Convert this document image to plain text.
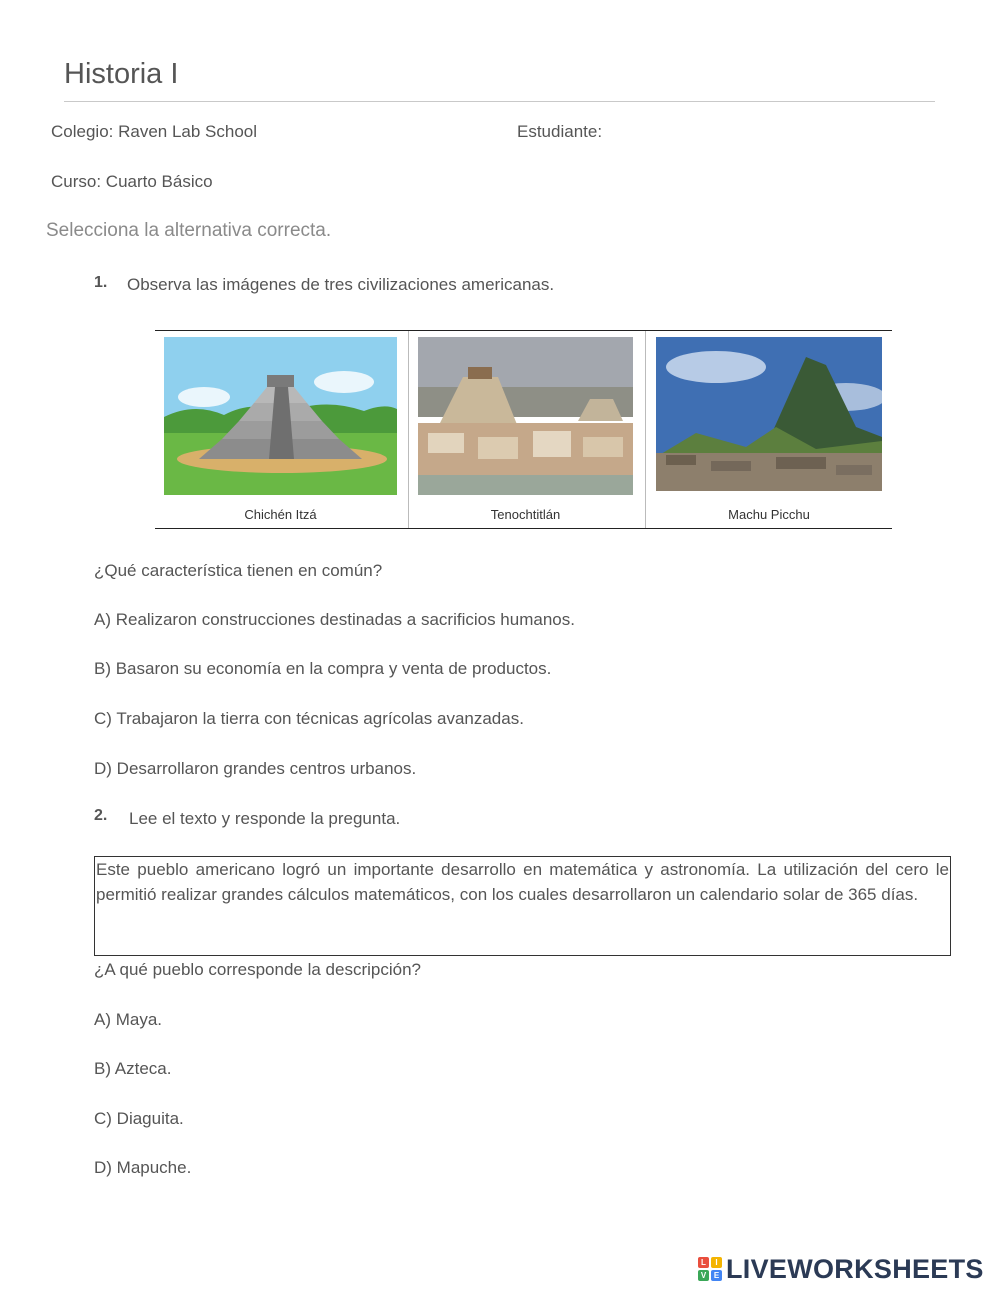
Historia I
Colegio: Raven Lab School	Estudiante:
Curso: Cuarto Básico
Selecciona la alternativa correcta.
1. Observa las imágenes de tres civilizaciones americanas.
Chichén Itzá	Tenochtitlán	Machu Picchu
¿Qué característica tienen en común?
A) Realizaron construcciones destinadas a sacrificios humanos.
B) Basaron su economía en la compra y venta de productos.
C) Trabajaron la tierra con técnicas agrícolas avanzadas.
D) Desarrollaron grandes centros urbanos.
2. Lee el texto y responde la pregunta.
Este pueblo americano logró un importante desarrollo en matemática y astronomía. La utilización del cero le permitió realizar grandes cálculos matemáticos, con los cuales desarrollaron un calendario solar de 365 días.
¿A qué pueblo corresponde la descripción?
A) Maya.
B) Azteca.
C) Diaguita.
D) Mapuche.
L	I
V E LIVEWORKSHEETS
